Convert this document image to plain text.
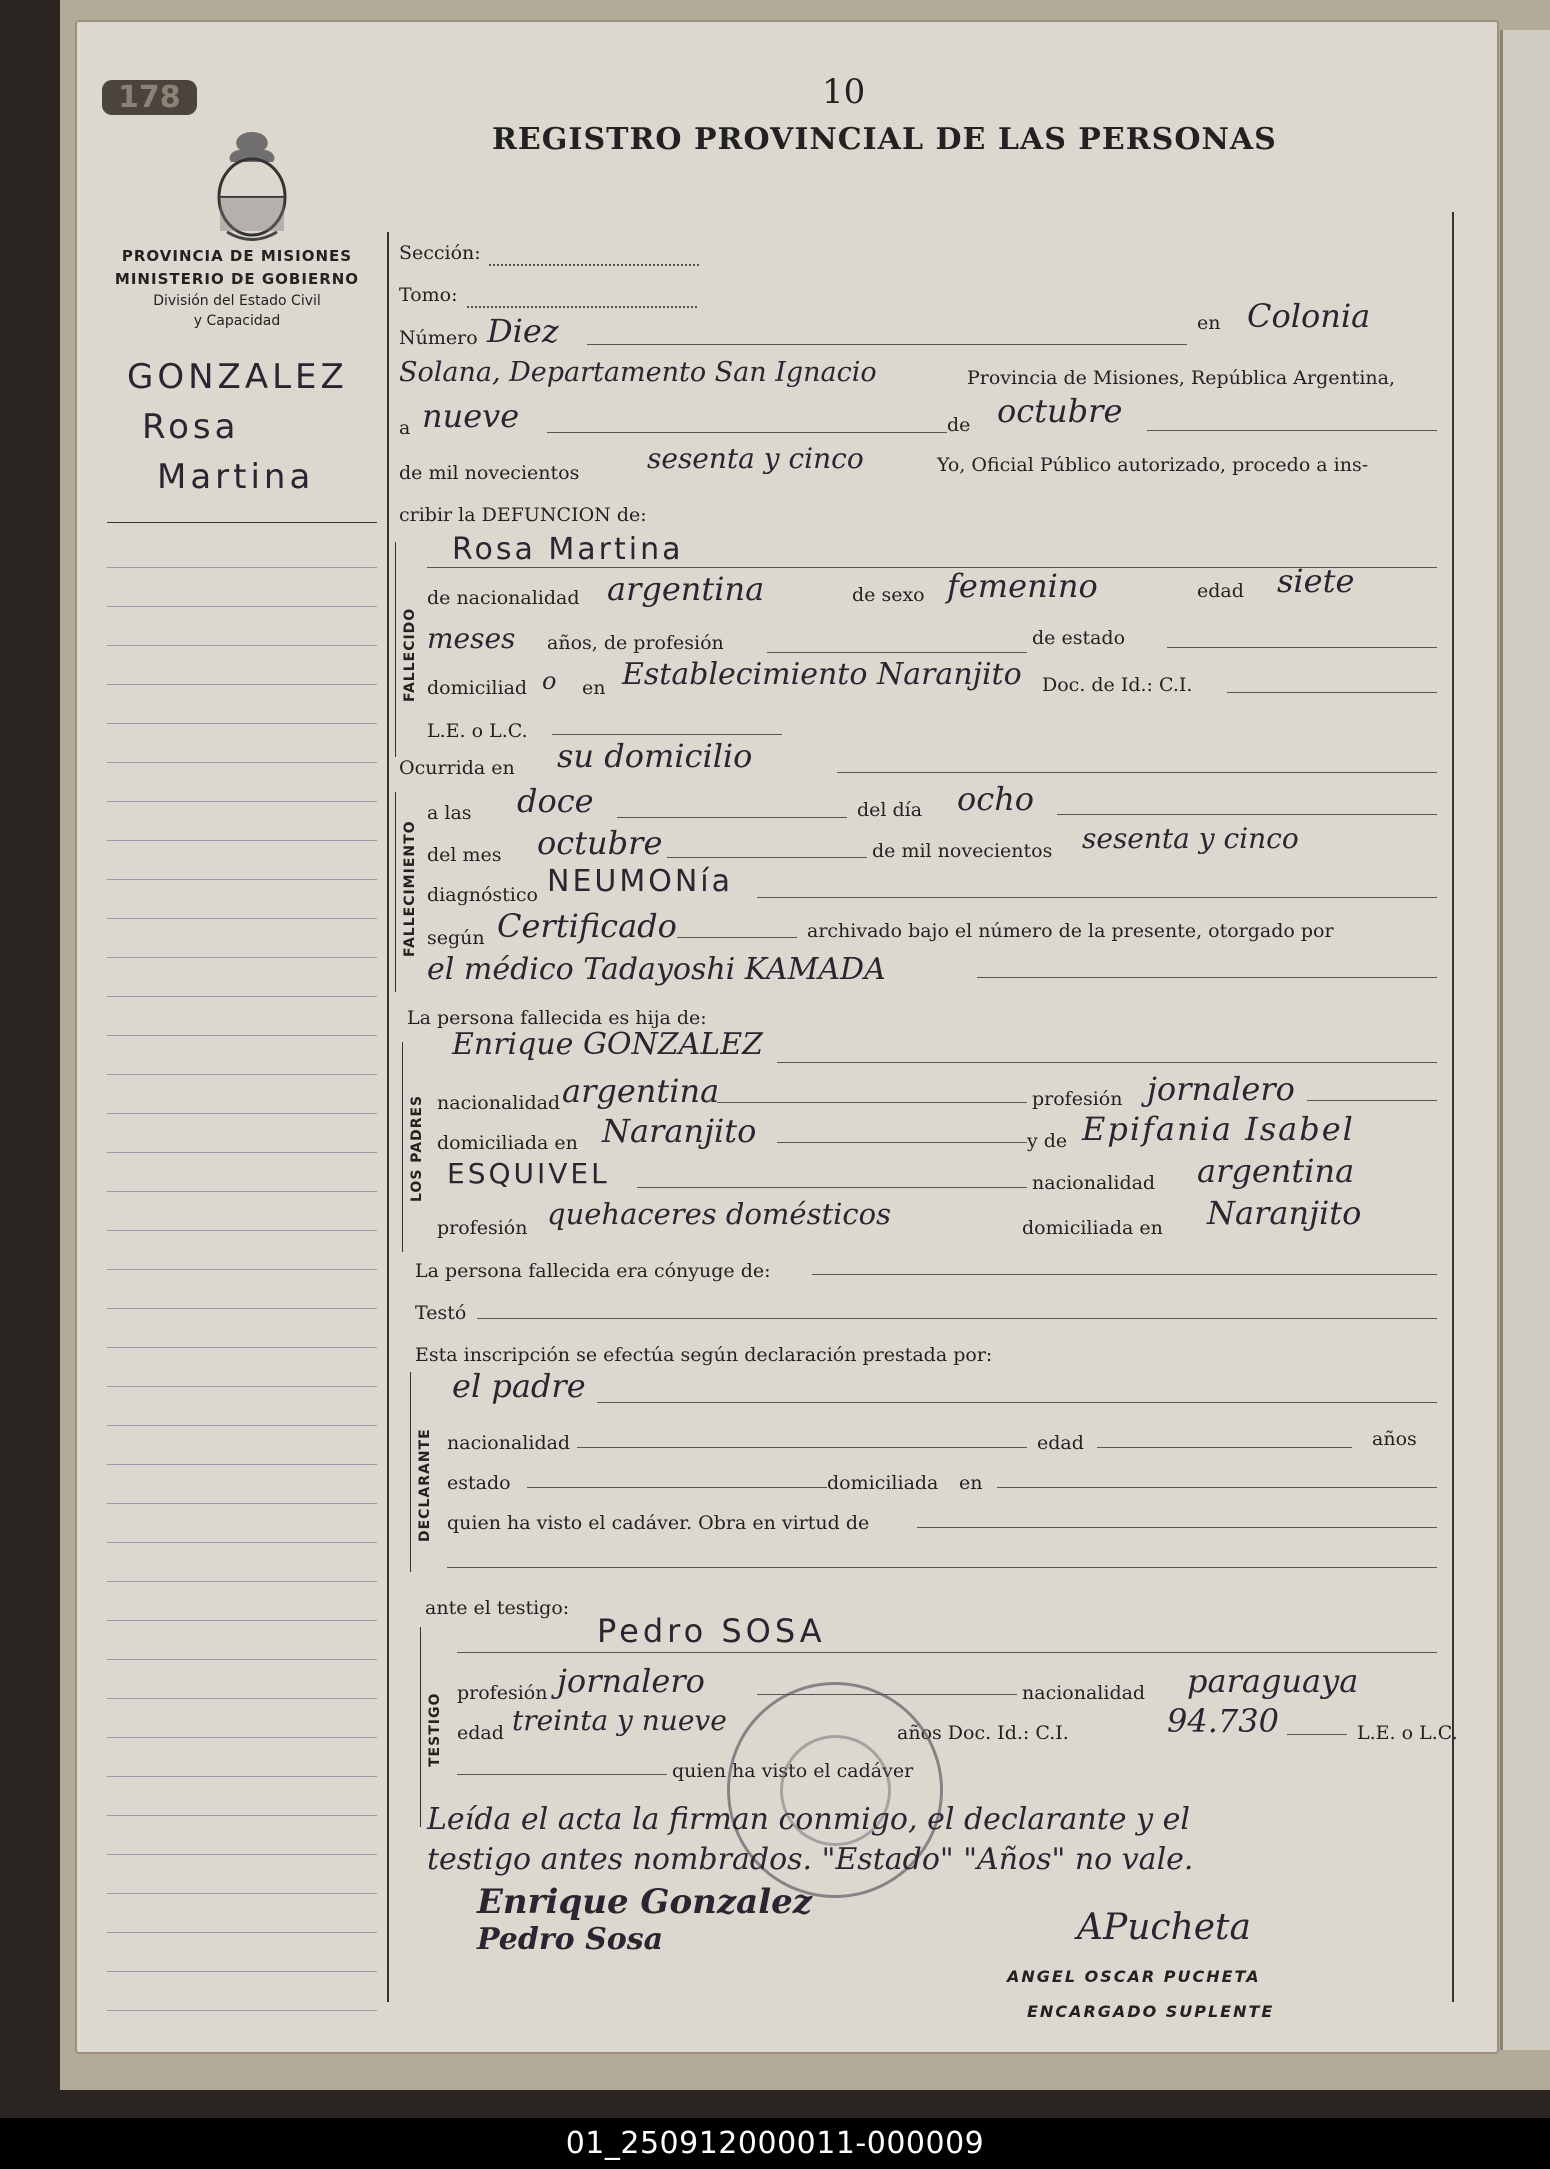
178	10
REGISTRO PROVINCIAL DE LAS PERSONAS
PROVINCIA DE MISIONES
MINISTERIO DE GOBIERNO
División del Estado Civil
y Capacidad
GONZALEZ
Rosa
Martina
Sección:
Tomo:
Número Diez	en Colonia
Solana, Departamento San Ignacio	Provincia de Misiones, República Argentina,
a nueve	de octubre
de mil novecientos sesenta y cinco	Yo, Oficial Público autorizado, procedo a ins-
cribir la DEFUNCION de:
FALLECIDO
Rosa Martina
de nacionalidad argentina	de sexo femenino	edad siete
meses años, de profesión	de estado
domiciliad o en Establecimiento Naranjito Doc. de Id.: C.I.
L.E. o L.C.
Ocurrida en su domicilio
FALLECIMIENTO
a las doce	del día ocho
del mes octubre	de mil novecientos sesenta y cinco
diagnóstico NEUMONía
según Certificado	archivado bajo el número de la presente, otorgado por
el médico Tadayoshi KAMADA
La persona fallecida es hija de:
LOS PADRES
Enrique GONZALEZ
nacionalidad argentina	profesión jornalero
domiciliada en Naranjito	y de Epifania Isabel
ESQUIVEL	nacionalidad argentina
profesión quehaceres domésticos	domiciliada en Naranjito
La persona fallecida era cónyuge de:
Testó
Esta inscripción se efectúa según declaración prestada por:
DECLARANTE
el padre
nacionalidad	edad	años
estado	domiciliada en
quien ha visto el cadáver. Obra en virtud de
ante el testigo:
TESTIGO
Pedro SOSA
profesión jornalero	nacionalidad paraguaya
edad treinta y nueve	años Doc. Id.: C.I.	94.730	L.E. o L.C.
quien ha visto el cadáver
Leída el acta la firman conmigo, el declarante y el
testigo antes nombrados. "Estado" "Años" no vale.
Enrique Gonzalez
Pedro Sosa	APucheta
ANGEL OSCAR PUCHETA
ENCARGADO SUPLENTE
01_250912000011-000009
